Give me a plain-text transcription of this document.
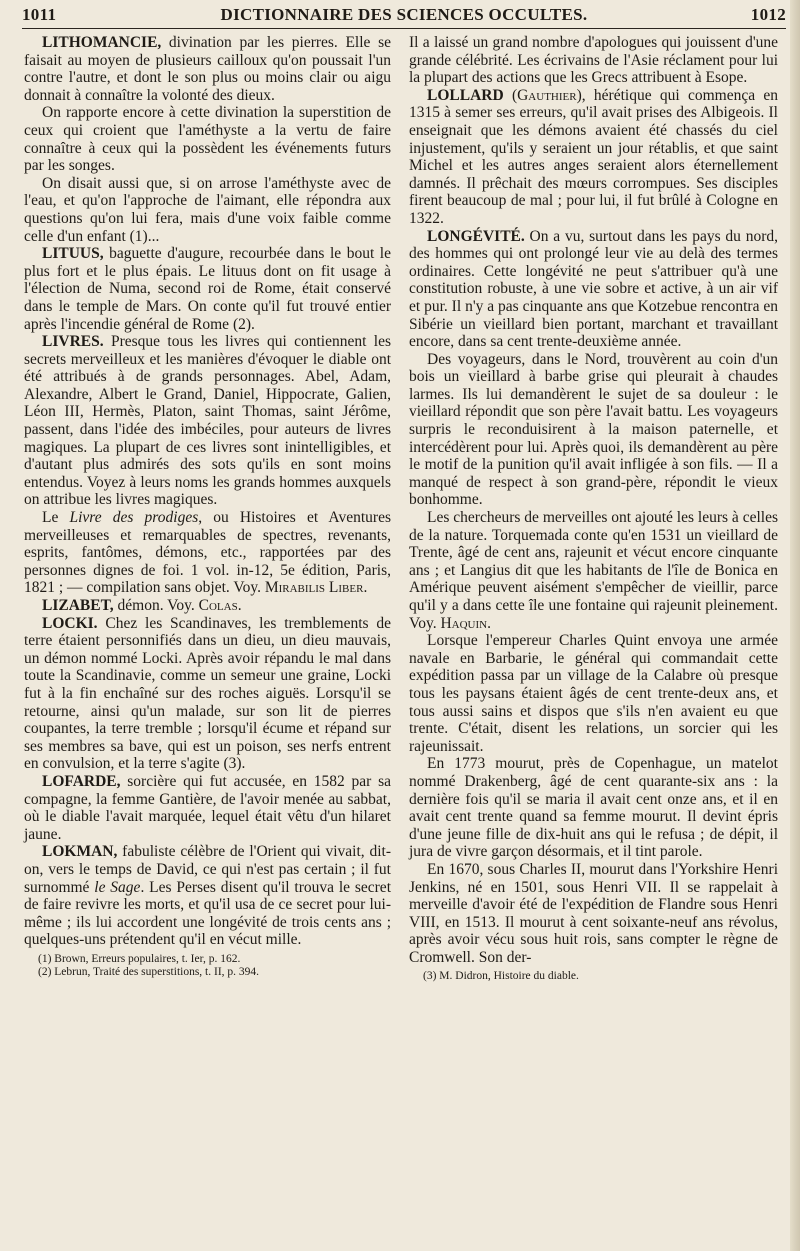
1011	DICTIONNAIRE DES SCIENCES OCCULTES.	1012

LITHOMANCIE, divination par les pierres. Elle se faisait au moyen de plusieurs cailloux qu'on poussait l'un contre l'autre, et dont le son plus ou moins clair ou aigu donnait à connaître la volonté des dieux.

On rapporte encore à cette divination la superstition de ceux qui croient que l'améthyste a la vertu de faire connaître à ceux qui la possèdent les événements futurs par les songes.

On disait aussi que, si on arrose l'améthyste avec de l'eau, et qu'on l'approche de l'aimant, elle répondra aux questions qu'on lui fera, mais d'une voix faible comme celle d'un enfant (1)...

LITUUS, baguette d'augure, recourbée dans le bout le plus fort et le plus épais. Le lituus dont on fit usage à l'élection de Numa, second roi de Rome, était conservé dans le temple de Mars. On conte qu'il fut trouvé entier après l'incendie général de Rome (2).

LIVRES. Presque tous les livres qui contiennent les secrets merveilleux et les manières d'évoquer le diable ont été attribués à de grands personnages. Abel, Adam, Alexandre, Albert le Grand, Daniel, Hippocrate, Galien, Léon III, Hermès, Platon, saint Thomas, saint Jérôme, passent, dans l'idée des imbéciles, pour auteurs de livres magiques. La plupart de ces livres sont inintelligibles, et d'autant plus admirés des sots qu'ils en sont moins entendus. Voyez à leurs noms les grands hommes auxquels on attribue les livres magiques.

Le Livre des prodiges, ou Histoires et Aventures merveilleuses et remarquables de spectres, revenants, esprits, fantômes, démons, etc., rapportées par des personnes dignes de foi. 1 vol. in-12, 5e édition, Paris, 1821 ; — compilation sans objet. Voy. Mirabilis Liber.

LIZABET, démon. Voy. Colas.

LOCKI. Chez les Scandinaves, les tremblements de terre étaient personnifiés dans un dieu, un dieu mauvais, un démon nommé Locki. Après avoir répandu le mal dans toute la Scandinavie, comme un semeur une graine, Locki fut à la fin enchaîné sur des roches aiguës. Lorsqu'il se retourne, ainsi qu'un malade, sur son lit de pierres coupantes, la terre tremble ; lorsqu'il écume et répand sur ses membres sa bave, qui est un poison, ses nerfs entrent en convulsion, et la terre s'agite (3).

LOFARDE, sorcière qui fut accusée, en 1582 par sa compagne, la femme Gantière, de l'avoir menée au sabbat, où le diable l'avait marquée, lequel était vêtu d'un hilaret jaune.

LOKMAN, fabuliste célèbre de l'Orient qui vivait, dit-on, vers le temps de David, ce qui n'est pas certain ; il fut surnommé le Sage. Les Perses disent qu'il trouva le secret de faire revivre les morts, et qu'il usa de ce secret pour lui-même ; ils lui accordent une longévité de trois cents ans ; quelques-uns prétendent qu'il en vécut mille.

(1) Brown, Erreurs populaires, t. Ier, p. 162.
(2) Lebrun, Traité des superstitions, t. II, p. 394.

Il a laissé un grand nombre d'apologues qui jouissent d'une grande célébrité. Les écrivains de l'Asie réclament pour lui la plupart des actions que les Grecs attribuent à Esope.

LOLLARD (Gauthier), hérétique qui commença en 1315 à semer ses erreurs, qu'il avait prises des Albigeois. Il enseignait que les démons avaient été chassés du ciel injustement, qu'ils y seraient un jour rétablis, et que saint Michel et les autres anges seraient alors éternellement damnés. Il prêchait des mœurs corrompues. Ses disciples firent beaucoup de mal ; pour lui, il fut brûlé à Cologne en 1322.

LONGÉVITÉ. On a vu, surtout dans les pays du nord, des hommes qui ont prolongé leur vie au delà des termes ordinaires. Cette longévité ne peut s'attribuer qu'à une constitution robuste, à une vie sobre et active, à un air vif et pur. Il n'y a pas cinquante ans que Kotzebue rencontra en Sibérie un vieillard bien portant, marchant et travaillant encore, dans sa cent trente-deuxième année.

Des voyageurs, dans le Nord, trouvèrent au coin d'un bois un vieillard à barbe grise qui pleurait à chaudes larmes. Ils lui demandèrent le sujet de sa douleur : le vieillard répondit que son père l'avait battu. Les voyageurs surpris le reconduisirent à la maison paternelle, et intercédèrent pour lui. Après quoi, ils demandèrent au père le motif de la punition qu'il avait infligée à son fils. — Il a manqué de respect à son grand-père, répondit le vieux bonhomme.

Les chercheurs de merveilles ont ajouté les leurs à celles de la nature. Torquemada conte qu'en 1531 un vieillard de Trente, âgé de cent ans, rajeunit et vécut encore cinquante ans ; et Langius dit que les habitants de l'île de Bonica en Amérique peuvent aisément s'empêcher de vieillir, parce qu'il y a dans cette île une fontaine qui rajeunit pleinement. Voy. Haquin.

Lorsque l'empereur Charles Quint envoya une armée navale en Barbarie, le général qui commandait cette expédition passa par un village de la Calabre où presque tous les paysans étaient âgés de cent trente-deux ans, et tous aussi sains et dispos que s'ils n'en avaient eu que trente. C'était, disent les relations, un sorcier qui les rajeunissait.

En 1773 mourut, près de Copenhague, un matelot nommé Drakenberg, âgé de cent quarante-six ans : la dernière fois qu'il se maria il avait cent onze ans, et il en avait cent trente quand sa femme mourut. Il devint épris d'une jeune fille de dix-huit ans qui le refusa ; de dépit, il jura de vivre garçon désormais, et il tint parole.

En 1670, sous Charles II, mourut dans l'Yorkshire Henri Jenkins, né en 1501, sous Henri VII. Il se rappelait à merveille d'avoir été de l'expédition de Flandre sous Henri VIII, en 1513. Il mourut à cent soixante-neuf ans révolus, après avoir vécu sous huit rois, sans compter le règne de Cromwell. Son der-

(3) M. Didron, Histoire du diable.
